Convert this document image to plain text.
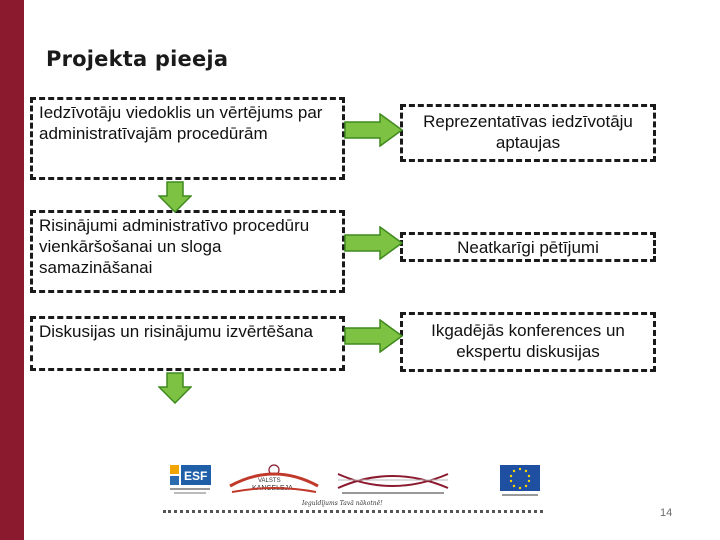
Projekta pieeja
Iedzīvotāju viedoklis un vērtējums par administratīvajām procedūrām
Risinājumi administratīvo procedūru vienkāršošanai un sloga samazināšanai
Diskusijas un risinājumu izvērtēšana
Reprezentatīvas iedzīvotāju aptaujas
Neatkarīgi pētījumi
Ikgadējās konferences un ekspertu diskusijas
ESF	VALSTS
KANCELEJA
Ieguldījums Tavā nākotnē!
14
